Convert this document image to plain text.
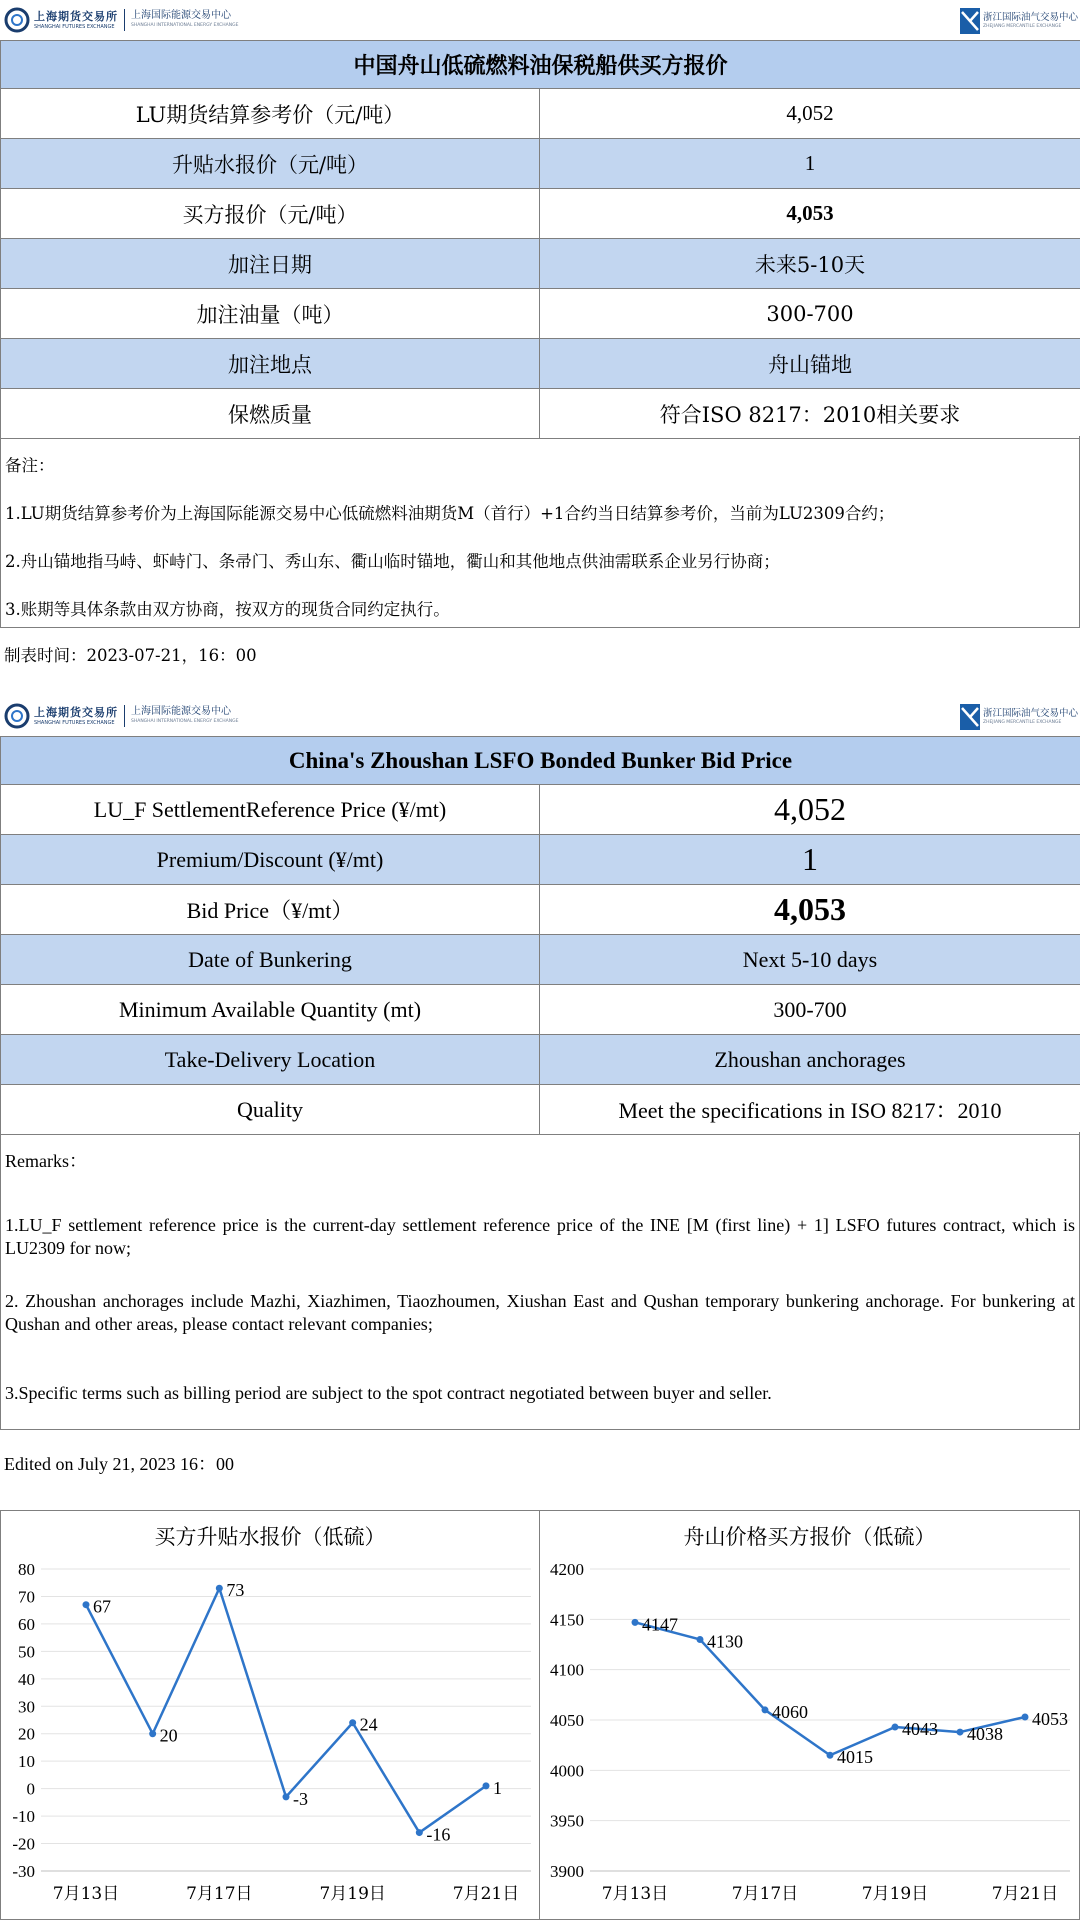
上海期货交易所
SHANGHAI FUTURES EXCHANGE
上海国际能源交易中心
SHANGHAI INTERNATIONAL ENERGY EXCHANGE
浙江国际油气交易中心
ZHEJIANG MERCANTILE EXCHANGE
中国舟山低硫燃料油保税船供买方报价	
LU期货结算参考价（元/吨）	4,052
升贴水报价（元/吨）	1
买方报价（元/吨）	4,053
加注日期	未来5-10天
加注油量（吨）	300-700
加注地点	舟山锚地
保燃质量	符合ISO 8217：2010相关要求

备注：

1.LU期货结算参考价为上海国际能源交易中心低硫燃料油期货M（首行）+1合约当日结算参考价，当前为LU2309合约；

2.舟山锚地指马峙、虾峙门、条帚门、秀山东、衢山临时锚地，衢山和其他地点供油需联系企业另行协商；

3.账期等具体条款由双方协商，按双方的现货合同约定执行。

制表时间：2023-07-21，16：00
上海期货交易所
SHANGHAI FUTURES EXCHANGE
上海国际能源交易中心
SHANGHAI INTERNATIONAL ENERGY EXCHANGE
浙江国际油气交易中心
ZHEJIANG MERCANTILE EXCHANGE
China's Zhoushan LSFO Bonded Bunker Bid Price	
LU_F SettlementReference Price (¥/mt)	4,052
Premium/Discount (¥/mt)	1
Bid Price（¥/mt）	4,053
Date of Bunkering	Next 5-10 days
Minimum Available Quantity (mt)	300-700
Take-Delivery Location	Zhoushan anchorages
Quality	Meet the specifications in ISO 8217：2010

Remarks：

1.LU_F settlement reference price is the current-day settlement reference price of the INE [M (first line) + 1] LSFO futures contract, which is LU2309 for now;

2. Zhoushan anchorages include Mazhi, Xiazhimen, Tiaozhoumen, Xiushan East and Qushan temporary bunkering anchorage. For bunkering at Qushan and other areas, please contact relevant companies;

3.Specific terms such as billing period are subject to the spot contract negotiated between buyer and seller.

Edited on July 21, 2023 16：00
买方升贴水报价（低硫）
80
70
60
50
40
30
20
10
0
-10
-20
-30
7月13日	7月17日	7月19日	7月21日
67
20
73
-3
24
-16
1
舟山价格买方报价（低硫）
4200
4150
4100
4050
4000
3950
3900
7月13日	7月17日	7月19日	7月21日
4147
4130
4060
4015
4043 4038
4053
